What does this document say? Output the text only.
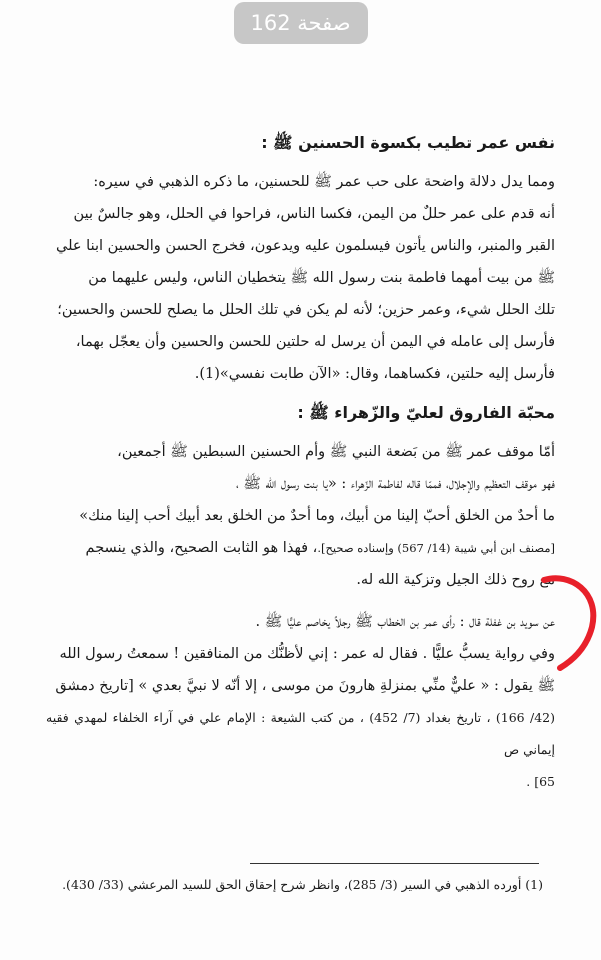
صفحة 162
نفس عمر تطيب بكسوة الحسنين ﷺ :

ومما يدل دلالة واضحة على حب عمر ﷺ للحسنين، ما ذكره الذهبي في سيره:

أنه قدم على عمر حللٌ من اليمن، فكسا الناس، فراحوا في الحلل، وهو جالسٌ بين

القبر والمنبر، والناس يأتون فيسلمون عليه ويدعون، فخرج الحسن والحسين ابنا علي

ﷺ من بيت أمهما فاطمة بنت رسول الله ﷺ يتخطيان الناس، وليس عليهما من

تلك الحلل شيء، وعمر حزين؛ لأنه لم يكن في تلك الحلل ما يصلح للحسن والحسين؛

فأرسل إلى عامله في اليمن أن يرسل له حلتين للحسن والحسين وأن يعجّل بهما،

فأرسل إليه حلتين، فكساهما، وقال: «الآن طابت نفسي»(1).

محبّة الفاروق لعليّ والزّهراء ﷺ :

أمّا موقف عمر ﷺ من بَضعة النبي ﷺ وأم الحسنين السبطين ﷺ أجمعين،

فهو موقف التعظيم والإجلال، فممّا قاله لفاطمة الزّهراء : «يا بنت رسول الله ﷺ ،

ما أحدٌ من الخلق أحبّ إلينا من أبيك، وما أحدٌ من الخلق بعد أبيك أحب إلينا منك»

[مصنف ابن أبي شيبة (14/ 567) وإسناده صحيح].، فهذا هو الثابت الصحيح، والذي ينسجم

مع روح ذلك الجيل وتزكية الله له.

عن سويد بن غفلة قال : رأى عمر بن الخطاب ﷺ رجلاً يخاصم عليًّا ﷺ .

وفي رواية يسبُّ عليًّا . فقال له عمر : إني لأظنُّك من المنافقين ! سمعتُ رسول الله

ﷺ يقول : « عليٌّ منِّي بمنزلةِ هارونَ من موسى ، إلا أنّه لا نبيَّ بعدي » [تاريخ دمشق

(42/ 166) ، تاريخ بغداد (7/ 452) ، من كتب الشيعة : الإمام علي في آراء الخلفاء لمهدي فقيه إيماني ص

65] .

(1) أورده الذهبي في السير (3/ 285)، وانظر شرح إحقاق الحق للسيد المرعشي (33/ 430).
